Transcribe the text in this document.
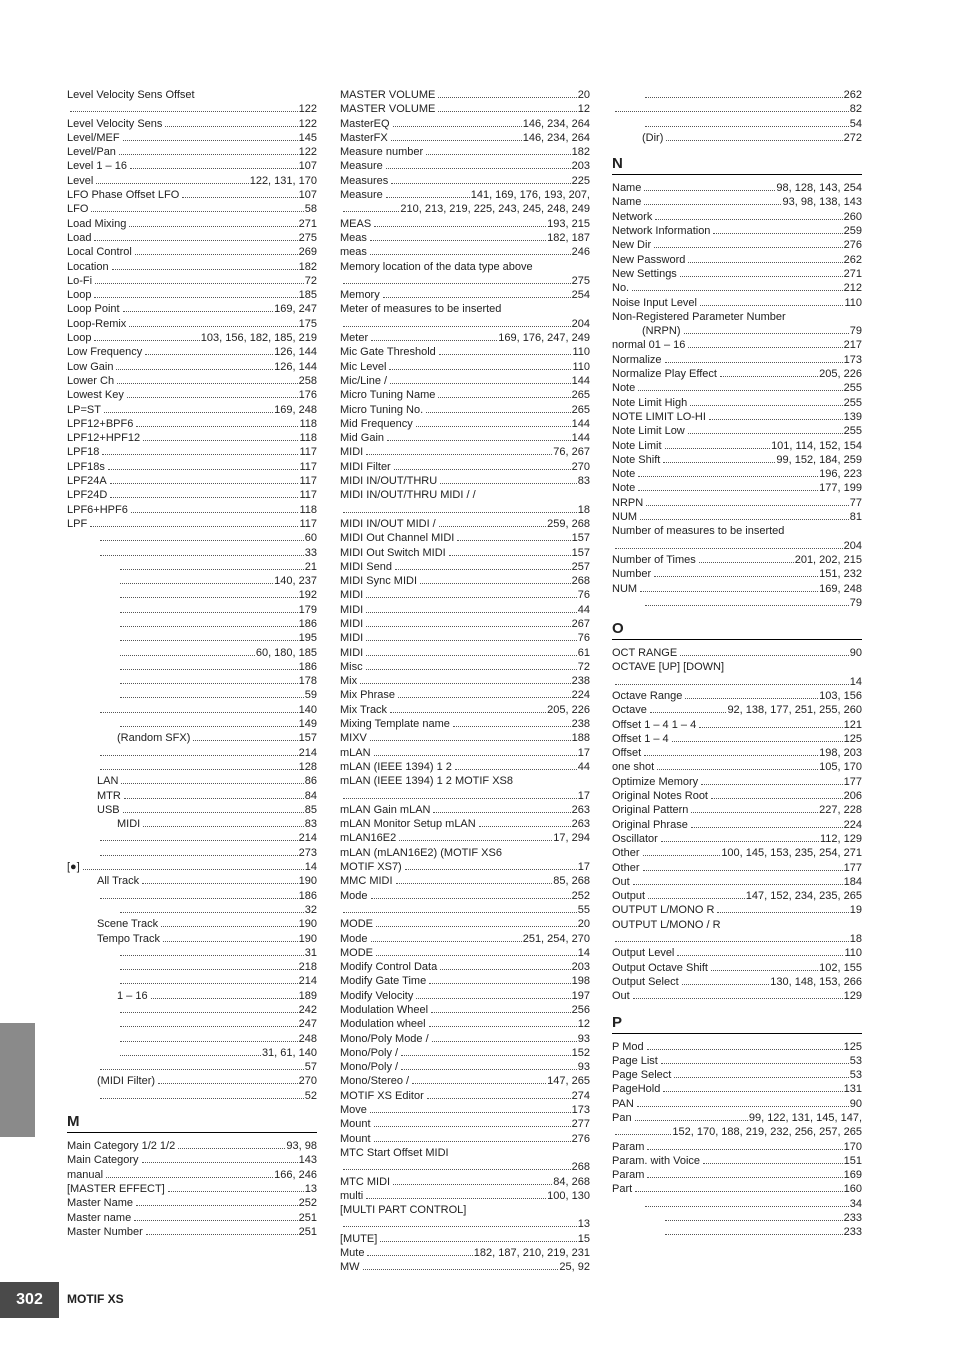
Level Velocity Sens Offset
122
Level Velocity Sens	122
Level/MEF	145
Level/Pan	122
Level 1 – 16	107
Level	122, 131, 170
LFO Phase Offset LFO	107
LFO	58
Load Mixing	271
Load	275
Local Control	269
Location	182
Lo-Fi	72
Loop	185
Loop Point	169, 247
Loop-Remix	175
Loop	103, 156, 182, 185, 219
Low Frequency	126, 144
Low Gain	126, 144
Lower Ch	258
Lowest Key	176
LP=ST	169, 248
LPF12+BPF6	118
LPF12+HPF12	118
LPF18	117
LPF18s	117
LPF24A	117
LPF24D	117
LPF6+HPF6	118
LPF	117
60
33
21
140, 237
192
179
186
195
60, 180, 185
186
178
59
140
149
(Random SFX)	157
214
128
LAN	86
MTR	84
USB	85
MIDI	83
214
273
[●]	14
All Track	190
186
32
Scene Track	190
Tempo Track	190
31
218
214
1 – 16	189
242
247
248
31, 61, 140
57
(MIDI Filter)	270
52
M
Main Category 1/2 1/2	93, 98
Main Category	143
manual	166, 246
[MASTER EFFECT]	13
Master Name	252
Master name	251
Master Number	251
MASTER VOLUME	20
MASTER VOLUME	12
MasterEQ	146, 234, 264
MasterFX	146, 234, 264
Measure number	182
Measure	203
Measures	225
Measure	141, 169, 176, 193, 207,
210, 213, 219, 225, 243, 245, 248, 249
MEAS	193, 215
Meas	182, 187
meas	246
Memory location of the data type above
275
Memory	254
Meter of measures to be inserted
204
Meter	169, 176, 247, 249
Mic Gate Threshold	110
Mic Level	110
Mic/Line /	144
Micro Tuning Name	265
Micro Tuning No.	265
Mid Frequency	144
Mid Gain	144
MIDI	76, 267
MIDI Filter	270
MIDI IN/OUT/THRU	83
MIDI IN/OUT/THRU MIDI / /
18
MIDI IN/OUT MIDI /	259, 268
MIDI Out Channel MIDI	157
MIDI Out Switch MIDI	157
MIDI Send	257
MIDI Sync MIDI	268
MIDI	76
MIDI	44
MIDI	267
MIDI	76
MIDI	61
Misc	72
Mix	238
Mix Phrase	224
Mix Track	205, 226
Mixing Template name	238
MIXV	188
mLAN	17
mLAN (IEEE 1394) 1 2	44
mLAN (IEEE 1394) 1 2 MOTIF XS8
17
mLAN Gain mLAN	263
mLAN Monitor Setup mLAN	263
mLAN16E2	17, 294
mLAN (mLAN16E2) (MOTIF XS6
MOTIF XS7)	17
MMC MIDI	85, 268
Mode	252
55
MODE	20
Mode	251, 254, 270
MODE	14
Modify Control Data	203
Modify Gate Time	198
Modify Velocity	197
Modulation Wheel	256
Modulation wheel	12
Mono/Poly Mode /	93
Mono/Poly /	152
Mono/Poly /	93
Mono/Stereo /	147, 265
MOTIF XS Editor	274
Move	173
Mount	277
Mount	276
MTC Start Offset MIDI
268
MTC MIDI	84, 268
multi	100, 130
[MULTI PART CONTROL]
13
[MUTE]	15
Mute	182, 187, 210, 219, 231
MW	25, 92
262
82
54
(Dir)	272
N
Name	98, 128, 143, 254
Name	93, 98, 138, 143
Network	260
Network Information	259
New Dir	276
New Password	262
New Settings	271
No.	212
Noise Input Level	110
Non-Registered Parameter Number
(NRPN)	79
normal 01 – 16	217
Normalize	173
Normalize Play Effect	205, 226
Note	255
Note Limit High	255
NOTE LIMIT LO-HI	139
Note Limit Low	255
Note Limit	101, 114, 152, 154
Note Shift	99, 152, 184, 259
Note	196, 223
Note	177, 199
NRPN	77
NUM	81
Number of measures to be inserted
204
Number of Times	201, 202, 215
Number	151, 232
NUM	169, 248
79
O
OCT RANGE	90
OCTAVE [UP] [DOWN]
14
Octave Range	103, 156
Octave	92, 138, 177, 251, 255, 260
Offset 1 – 4 1 – 4	121
Offset 1 – 4	125
Offset	198, 203
one shot	105, 170
Optimize Memory	177
Original Notes Root	206
Original Pattern	227, 228
Original Phrase	224
Oscillator	112, 129
Other	100, 145, 153, 235, 254, 271
Other	177
Out	184
Output	147, 152, 234, 235, 265
OUTPUT L/MONO R	19
OUTPUT L/MONO / R
18
Output Level	110
Output Octave Shift	102, 155
Output Select	130, 148, 153, 266
Out	129
P
P Mod	125
Page List	53
Page Select	53
PageHold	131
PAN	90
Pan	99, 122, 131, 145, 147,
152, 170, 188, 219, 232, 256, 257, 265
Param	170
Param. with Voice	151
Param	169
Part	160
34
233
233
302	MOTIF XS
